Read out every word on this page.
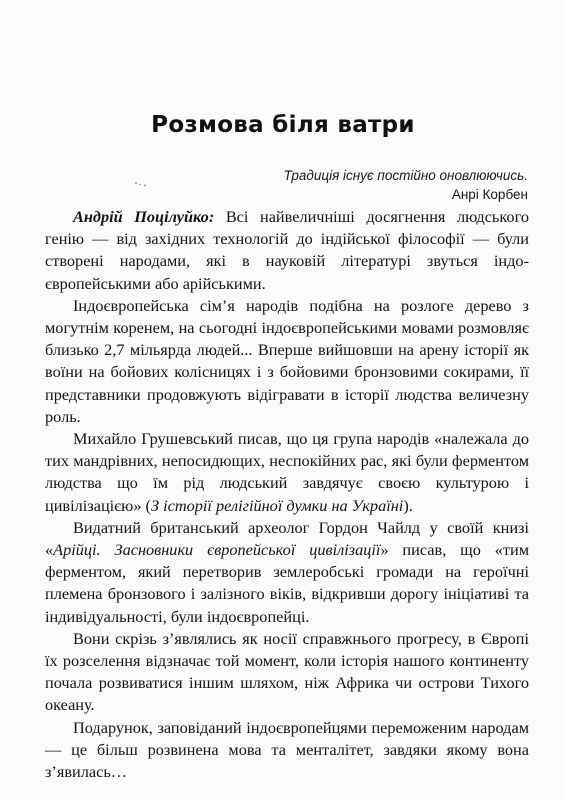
Розмова біля ватри
Традиція існує постійно оновлюючись.
Анрі Корбен

Андрій Поцілуйко: Всі найвеличніші досягнення людського генію — від західних технологій до індійської філософії — були створені народами, які в науковій літературі звуться індо-європейськими або арійськими.

Індоєвропейська сім’я народів подібна на розлоге дерево з могутнім коренем, на сьогодні індоєвропейськими мовами розмовляє близько 2,7 мільярда людей... Вперше вийшовши на арену історії як воїни на бойових колісницях і з бойовими бронзовими сокирами, її представники продовжують відігравати в історії людства величезну роль.

Михайло Грушевський писав, що ця група народів «належала до тих мандрівних, непосидющих, неспокійних рас, які були ферментом людства що їм рід людський завдячує своєю культурою і цивілізацією» (З історії релігійної думки на Україні).

Видатний британський археолог Гордон Чайлд у своїй книзі «Арійці. Засновники європейської цивілізації» писав, що «тим ферментом, який перетворив землеробські громади на героїчні племена бронзового і залізного віків, відкривши дорогу ініціативі та індивідуальності, були індоєвропейці.

Вони скрізь з’являлись як носії справжнього прогресу, в Європі їх розселення відзначає той момент, коли історія нашого континенту почала розвиватися іншим шляхом, ніж Африка чи острови Тихого океану.

Подарунок, заповіданий індоєвропейцями переможеним народам — це більш розвинена мова та менталітет, завдяки якому вона з’явилась…
